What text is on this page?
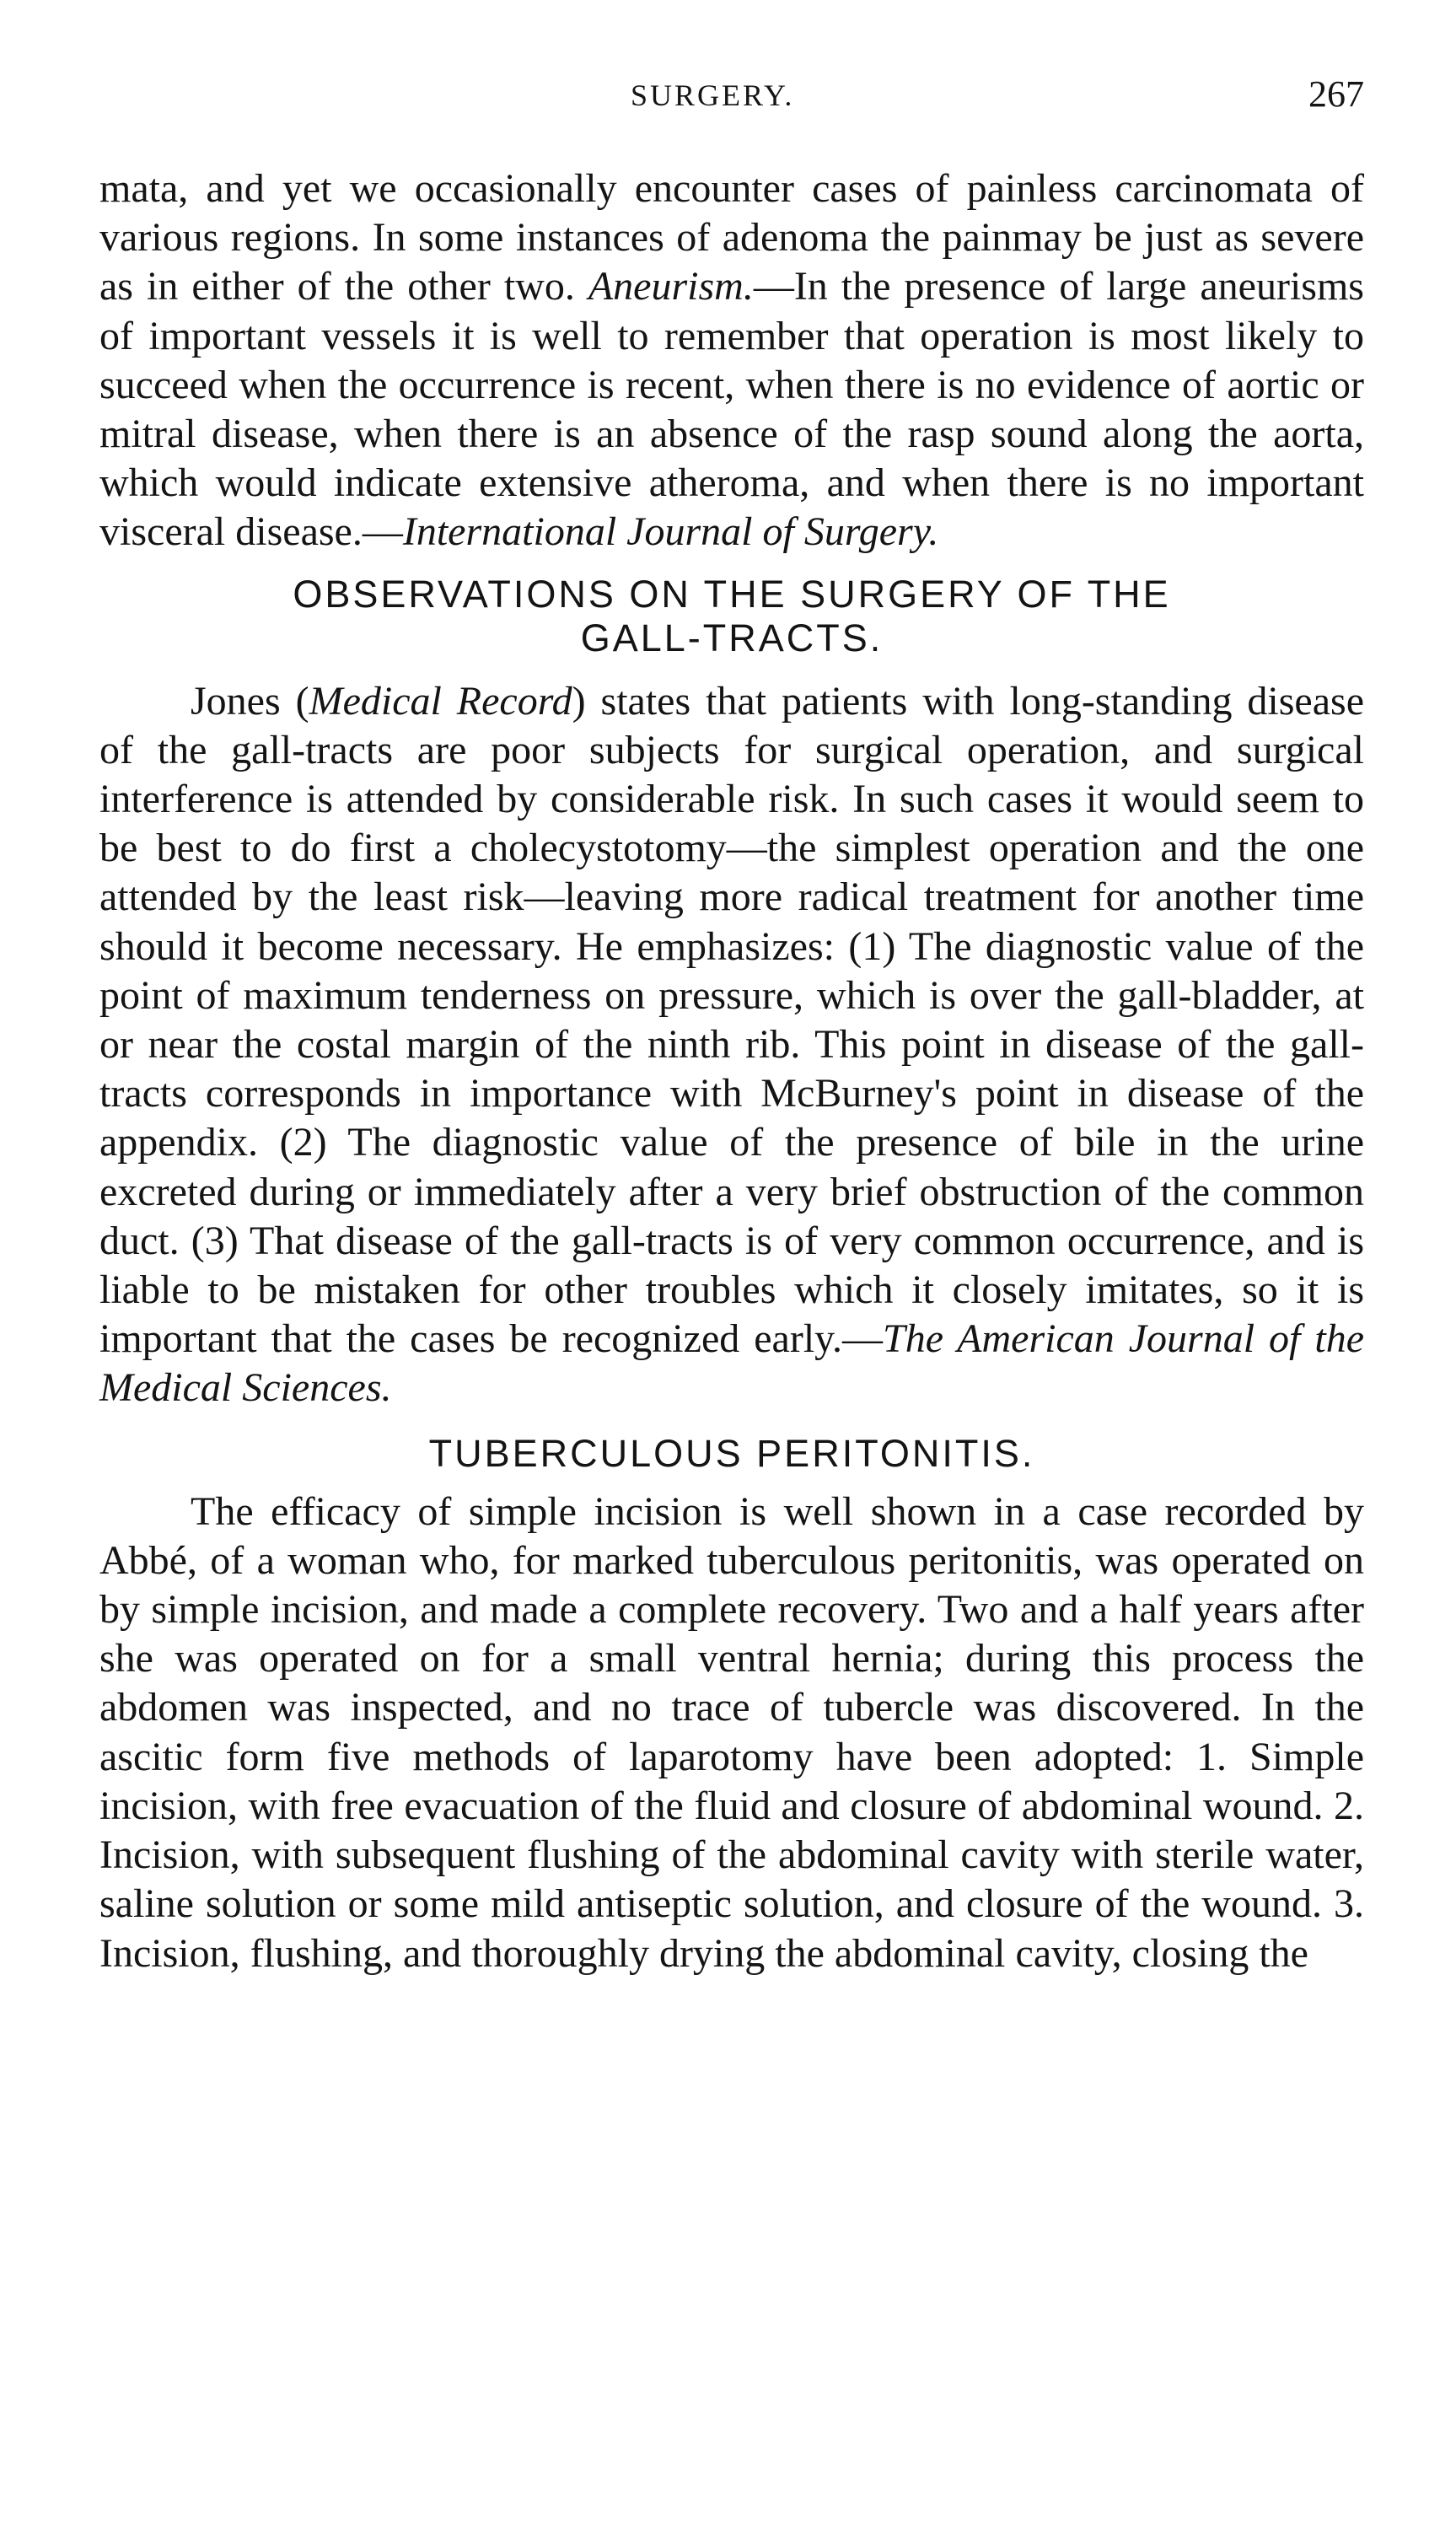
SURGERY.	267

mata, and yet we occasionally encounter cases of painless carcinomata of various regions. In some instances of adenoma the painmay be just as severe as in either of the other two. Aneurism.—In the presence of large aneurisms of important vessels it is well to remember that operation is most likely to succeed when the occurrence is recent, when there is no evidence of aortic or mitral disease, when there is an absence of the rasp sound along the aorta, which would indicate extensive atheroma, and when there is no important visceral disease.—International Journal of Surgery.

OBSERVATIONS ON THE SURGERY OF THE
GALL-TRACTS.

Jones (Medical Record) states that patients with long-standing disease of the gall-tracts are poor subjects for surgical operation, and surgical interference is attended by considerable risk. In such cases it would seem to be best to do first a cholecystotomy—the simplest operation and the one attended by the least risk—leaving more radical treatment for another time should it become necessary. He emphasizes: (1) The diagnostic value of the point of maximum tenderness on pressure, which is over the gall-bladder, at or near the costal margin of the ninth rib. This point in disease of the gall-tracts corresponds in importance with McBurney's point in disease of the appendix. (2) The diagnostic value of the presence of bile in the urine excreted during or immediately after a very brief obstruction of the common duct. (3) That disease of the gall-tracts is of very common occurrence, and is liable to be mistaken for other troubles which it closely imitates, so it is important that the cases be recognized early.—The American Journal of the Medical Sciences.

TUBERCULOUS PERITONITIS.

The efficacy of simple incision is well shown in a case recorded by Abbé, of a woman who, for marked tuberculous peritonitis, was operated on by simple incision, and made a complete recovery. Two and a half years after she was operated on for a small ventral hernia; during this process the abdomen was inspected, and no trace of tubercle was discovered. In the ascitic form five methods of laparotomy have been adopted: 1. Simple incision, with free evacuation of the fluid and closure of abdominal wound. 2. Incision, with subsequent flushing of the abdominal cavity with sterile water, saline solution or some mild antiseptic solution, and closure of the wound. 3. Incision, flushing, and thoroughly drying the abdominal cavity, closing the
